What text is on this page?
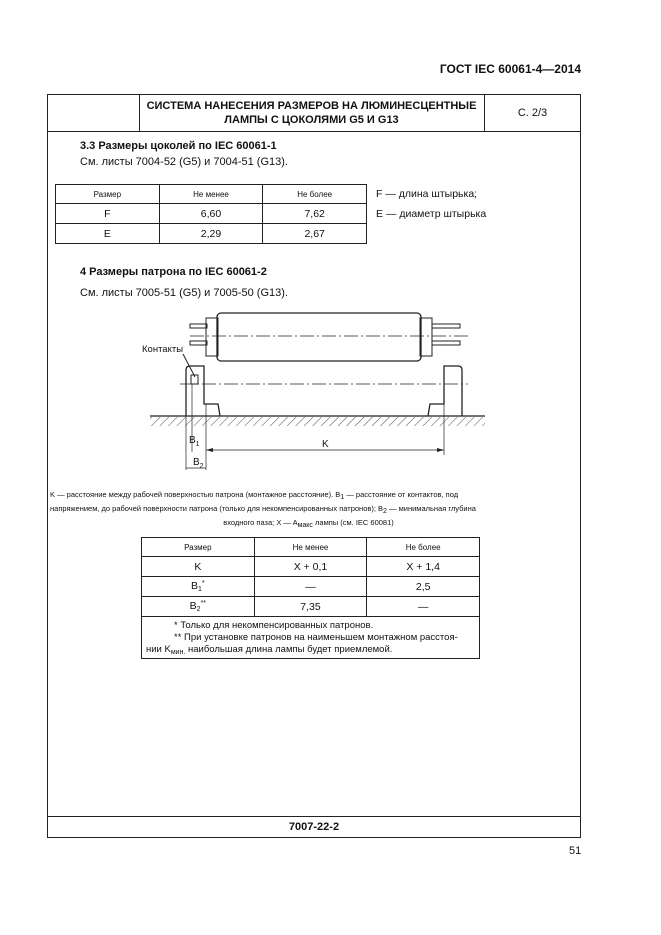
ГОСТ IEC 60061-4—2014
СИСТЕМА НАНЕСЕНИЯ РАЗМЕРОВ НА ЛЮМИНЕСЦЕНТНЫЕ
ЛАМПЫ С ЦОКОЛЯМИ G5 И G13
С. 2/3
7007-22-2
3.3 Размеры цоколей по IEC 60061-1
См. листы 7004-52 (G5) и 7004-51 (G13).
Размер	Не менее	Не более
F	6,60	7,62
E	2,29	2,67
F — длина штырька;
E — диаметр штырька
4 Размеры патрона по IEC 60061-2
См. листы 7005-51 (G5) и 7005-50 (G13).
Контакты
$B_1$
$B_2$
K
K — расстояние между рабочей поверхностью патрона (монтажное расстояние). B1 — расстояние от контактов, под
напряжением, до рабочей поверхности патрона (только для некомпенсированных патронов); B2 — минимальная глубина
входного паза; X — Aмакс лампы (см. IEC 60081)
Размер	Не менее	Не более
K	X + 0,1	X + 1,4
$B_1^*$	—	2,5
$B_2^{**}$	7,35	—
* Только для некомпенсированных патронов.
** При установке патронов на наименьшем монтажном расстоя-
нии $K_{мин.}$ наибольшая длина лампы будет приемлемой.
51
